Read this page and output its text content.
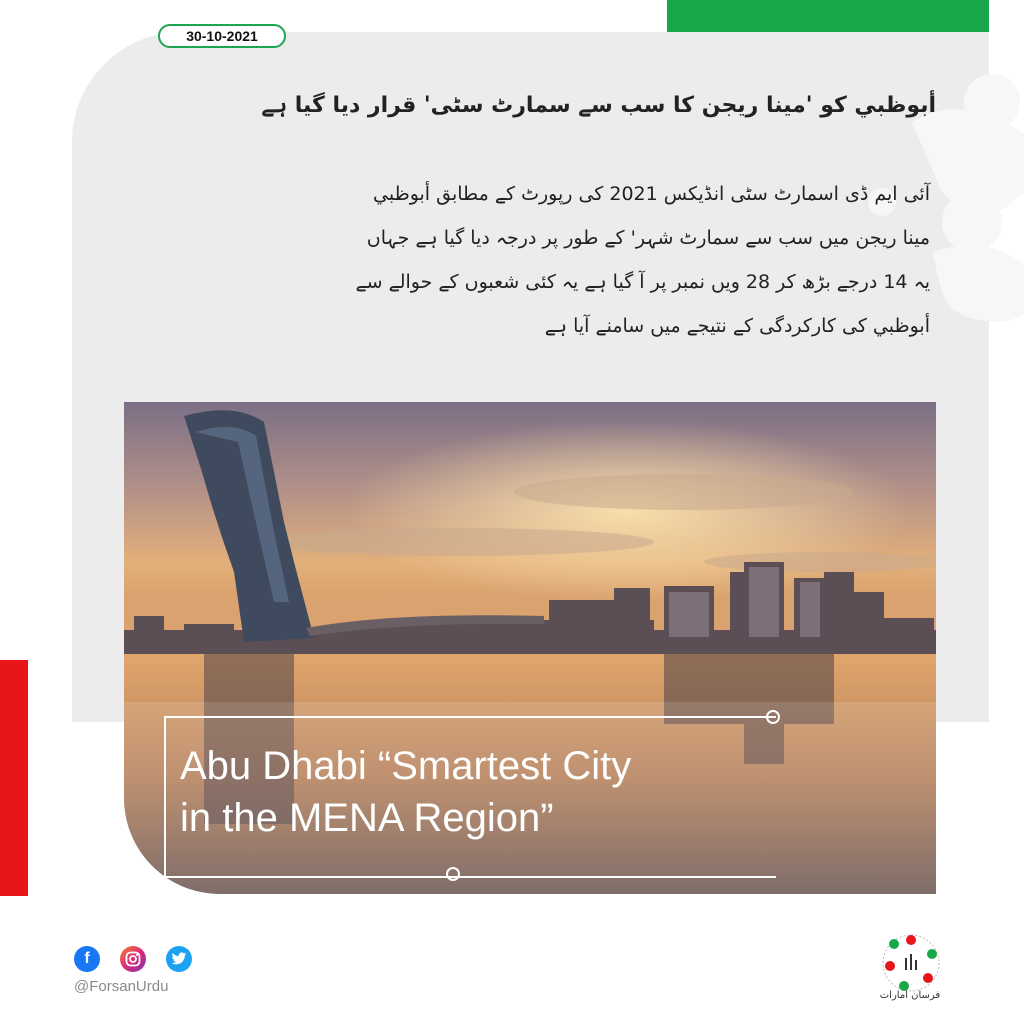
30-10-2021
أبوظبي کو 'مینا ریجن کا سب سے سمارٹ سٹی' قرار دیا گیا ہے
آئی ایم ڈی اسمارٹ سٹی انڈیکس 2021 کی رپورٹ کے مطابق أبوظبي
مینا ریجن میں سب سے سمارٹ شہر' کے طور پر درجہ دیا گیا ہے جہاں
یہ 14 درجے بڑھ کر 28 ویں نمبر پر آ گیا ہے یہ کئی شعبوں کے حوالے سے
أبوظبي کی کارکردگی کے نتیجے میں سامنے آیا ہے
Abu Dhabi “Smartest City
in the MENA Region”
f
@ForsanUrdu
فرسان امارات
